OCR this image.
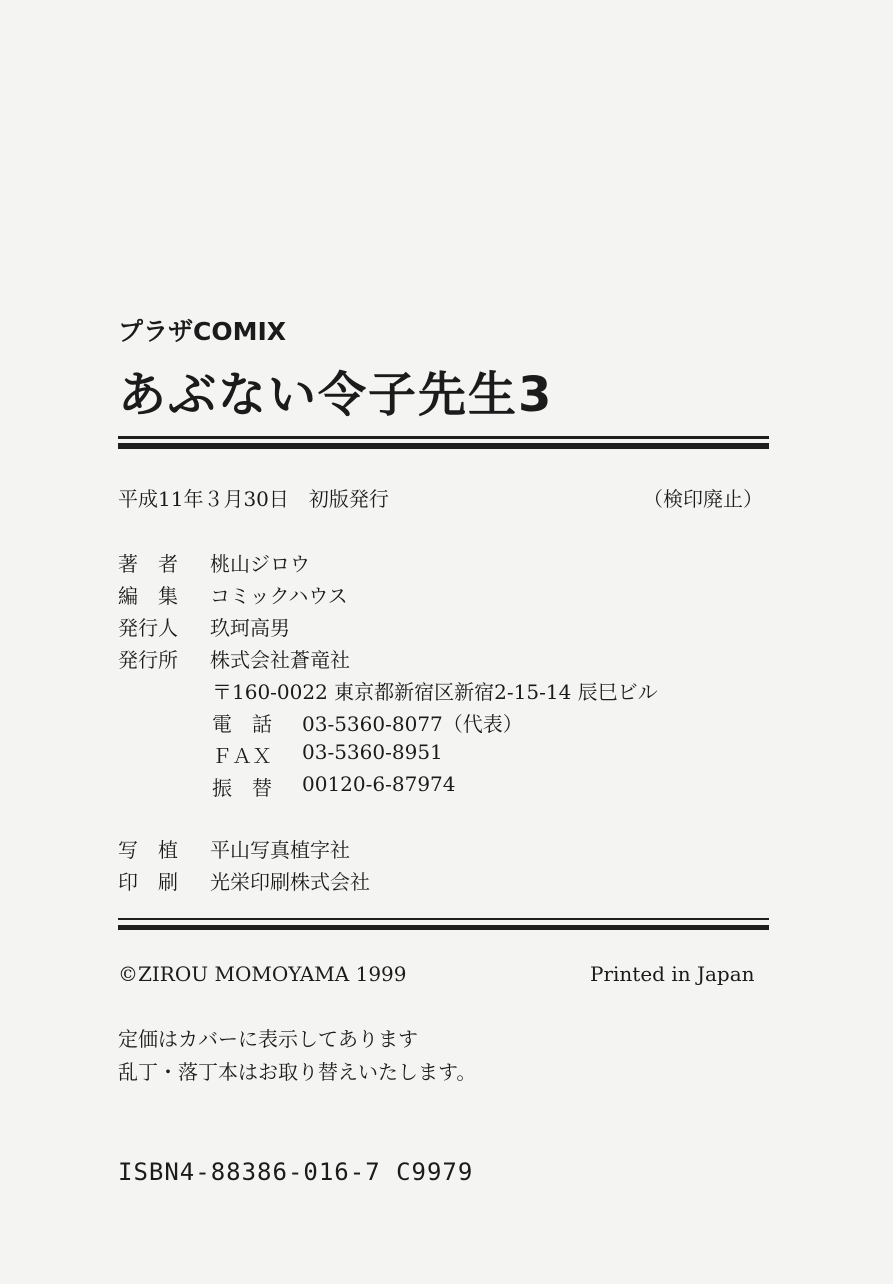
プラザCOMIX
あぶない令子先生3
平成11年３月30日　初版発行	（検印廃止）
著　者 桃山ジロウ
編　集 コミックハウス
発行人 玖珂高男
発行所 株式会社蒼竜社
〒160-0022 東京都新宿区新宿2-15-14 辰巳ビル
電　話 03-5360-8077（代表）
ＦＡＸ 03-5360-8951
振　替 00120-6-87974
写　植 平山写真植字社
印　刷 光栄印刷株式会社
©ZIROU MOMOYAMA 1999	Printed in Japan
定価はカバーに表示してあります
乱丁・落丁本はお取り替えいたします。
ISBN4-88386-016-7 C9979
